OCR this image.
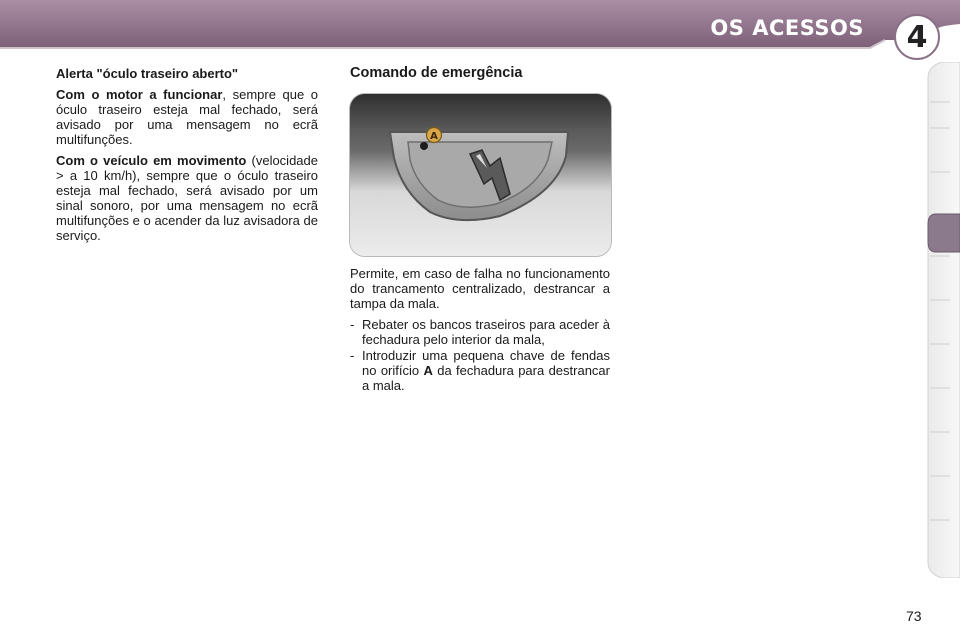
OS ACESSOS	4
Alerta "óculo traseiro aberto"

Com o motor a funcionar, sempre que o óculo traseiro esteja mal fechado, será avisado por uma mensagem no ecrã multifunções.

Com o veículo em movimento (velocidade > a 10 km/h), sempre que o óculo traseiro esteja mal fechado, será avisado por um sinal sonoro, por uma mensagem no ecrã multifunções e o acender da luz avisadora de serviço.

Comando de emergência
A

Permite, em caso de falha no funcionamento do trancamento centralizado, destrancar a tampa da mala.

- Rebater os bancos traseiros para aceder à fechadura pelo interior da mala,
- Introduzir uma pequena chave de fendas no orifício A da fechadura para destrancar a mala.
73
